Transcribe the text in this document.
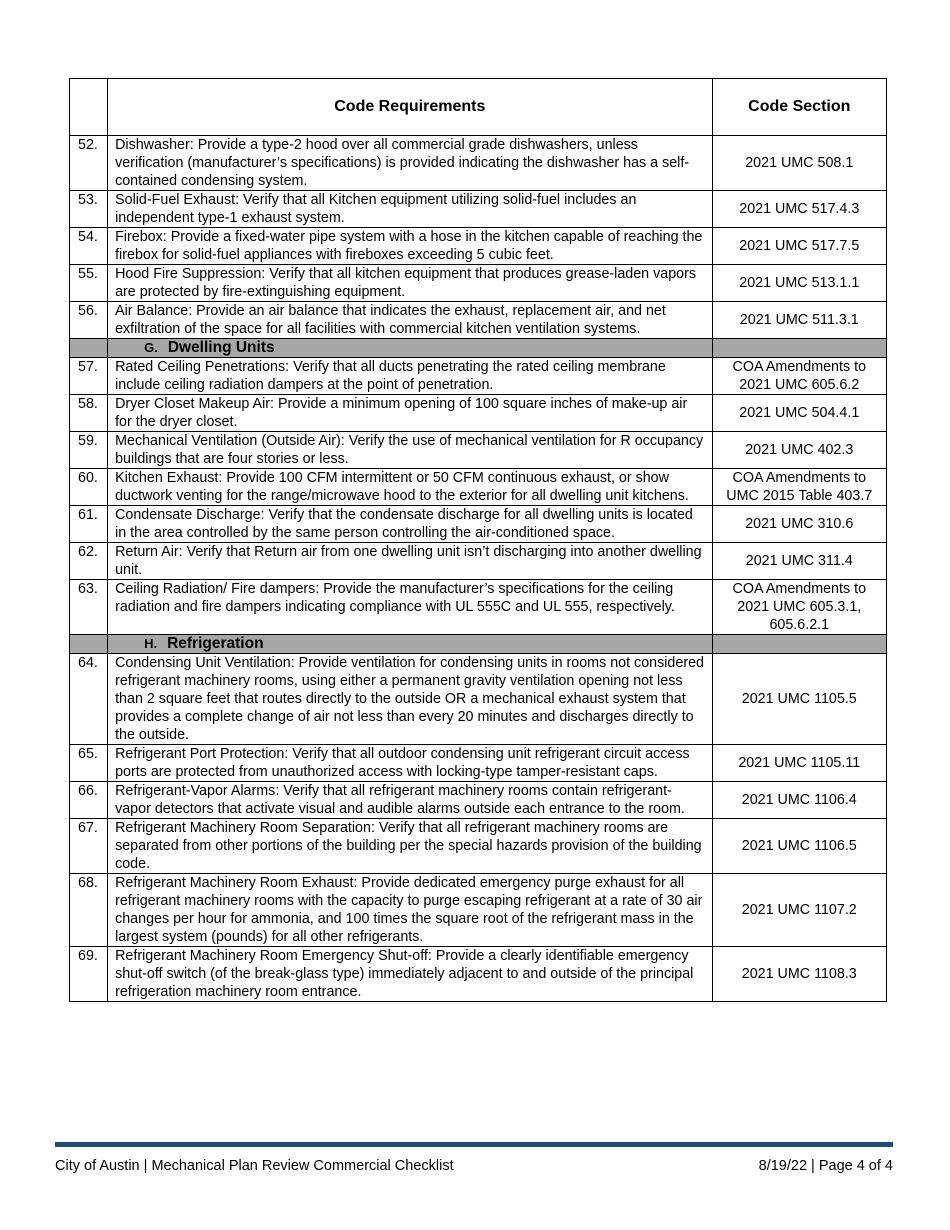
	Code Requirements	Code Section
52.	Dishwasher: Provide a type-2 hood over all commercial grade dishwashers, unless verification (manufacturer’s specifications) is provided indicating the dishwasher has a self-contained condensing system.	2021 UMC 508.1
53.	Solid-Fuel Exhaust: Verify that all Kitchen equipment utilizing solid-fuel includes an independent type-1 exhaust system.	2021 UMC 517.4.3
54.	Firebox: Provide a fixed-water pipe system with a hose in the kitchen capable of reaching the firebox for solid-fuel appliances with fireboxes exceeding 5 cubic feet.	2021 UMC 517.7.5
55.	Hood Fire Suppression: Verify that all kitchen equipment that produces grease-laden vapors are protected by fire-extinguishing equipment.	2021 UMC 513.1.1
56.	Air Balance: Provide an air balance that indicates the exhaust, replacement air, and net exfiltration of the space for all facilities with commercial kitchen ventilation systems.	2021 UMC 511.3.1
	G. Dwelling Units	
57.	Rated Ceiling Penetrations: Verify that all ducts penetrating the rated ceiling membrane include ceiling radiation dampers at the point of penetration.	COA Amendments to 2021 UMC 605.6.2
58.	Dryer Closet Makeup Air: Provide a minimum opening of 100 square inches of make-up air for the dryer closet.	2021 UMC 504.4.1
59.	Mechanical Ventilation (Outside Air): Verify the use of mechanical ventilation for R occupancy buildings that are four stories or less.	2021 UMC 402.3
60.	Kitchen Exhaust: Provide 100 CFM intermittent or 50 CFM continuous exhaust, or show ductwork venting for the range/microwave hood to the exterior for all dwelling unit kitchens.	COA Amendments to UMC 2015 Table 403.7
61.	Condensate Discharge: Verify that the condensate discharge for all dwelling units is located in the area controlled by the same person controlling the air-conditioned space.	2021 UMC 310.6
62.	Return Air: Verify that Return air from one dwelling unit isn’t discharging into another dwelling unit.	2021 UMC 311.4
63.	Ceiling Radiation/ Fire dampers: Provide the manufacturer’s specifications for the ceiling radiation and fire dampers indicating compliance with UL 555C and UL 555, respectively.	COA Amendments to 2021 UMC 605.3.1, 605.6.2.1
	H. Refrigeration	
64.	Condensing Unit Ventilation: Provide ventilation for condensing units in rooms not considered refrigerant machinery rooms, using either a permanent gravity ventilation opening not less than 2 square feet that routes directly to the outside OR a mechanical exhaust system that provides a complete change of air not less than every 20 minutes and discharges directly to the outside.	2021 UMC 1105.5
65.	Refrigerant Port Protection: Verify that all outdoor condensing unit refrigerant circuit access ports are protected from unauthorized access with locking-type tamper-resistant caps.	2021 UMC 1105.11
66.	Refrigerant-Vapor Alarms: Verify that all refrigerant machinery rooms contain refrigerant-vapor detectors that activate visual and audible alarms outside each entrance to the room.	2021 UMC 1106.4
67.	Refrigerant Machinery Room Separation: Verify that all refrigerant machinery rooms are separated from other portions of the building per the special hazards provision of the building code.	2021 UMC 1106.5
68.	Refrigerant Machinery Room Exhaust: Provide dedicated emergency purge exhaust for all refrigerant machinery rooms with the capacity to purge escaping refrigerant at a rate of 30 air changes per hour for ammonia, and 100 times the square root of the refrigerant mass in the largest system (pounds) for all other refrigerants.	2021 UMC 1107.2
69.	Refrigerant Machinery Room Emergency Shut-off: Provide a clearly identifiable emergency shut-off switch (of the break-glass type) immediately adjacent to and outside of the principal refrigeration machinery room entrance.	2021 UMC 1108.3
City of Austin | Mechanical Plan Review Commercial Checklist	8/19/22 | Page 4 of 4
